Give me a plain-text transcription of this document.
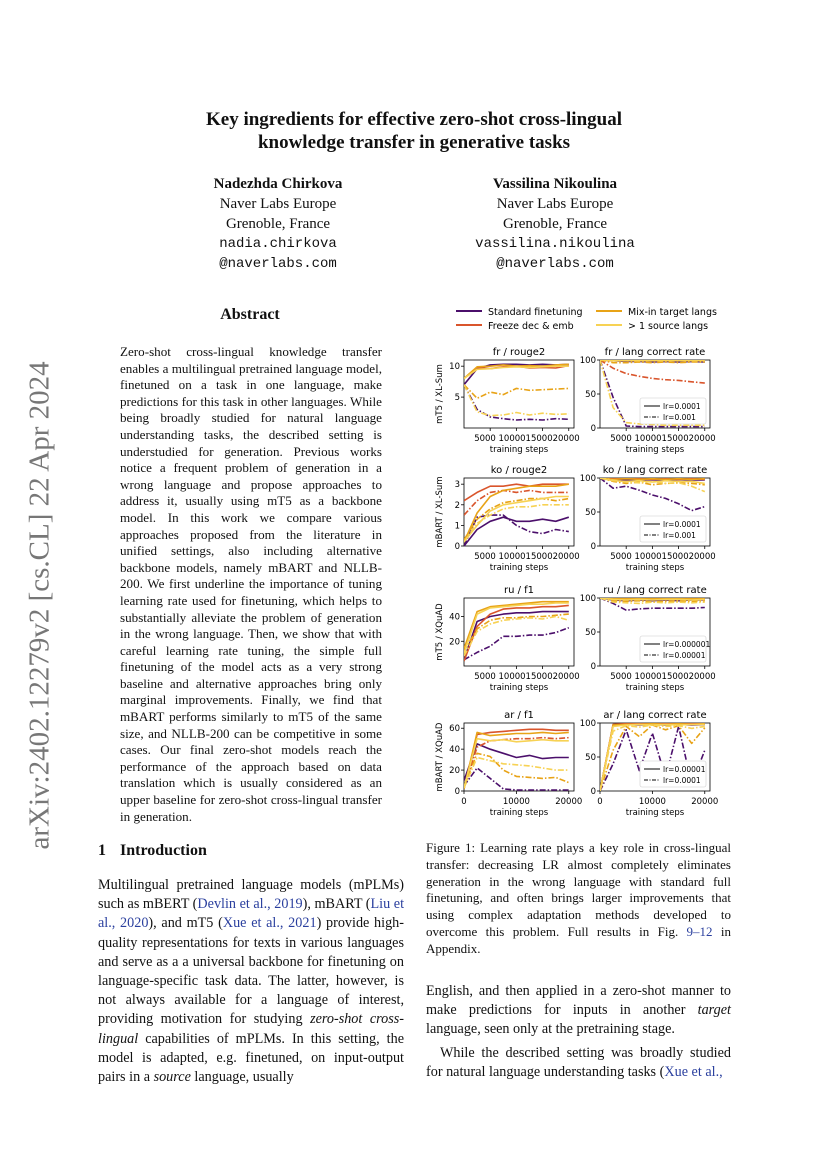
Key ingredients for effective zero-shot cross-lingual
knowledge transfer in generative tasks
Nadezhda Chirkova
Naver Labs Europe
Grenoble, France
nadia.chirkova
@naverlabs.com
Vassilina Nikoulina
Naver Labs Europe
Grenoble, France
vassilina.nikoulina
@naverlabs.com
arXiv:2402.12279v2 [cs.CL] 22 Apr 2024
Abstract
Zero-shot cross-lingual knowledge transfer enables a multilingual pretrained language model, finetuned on a task in one language, make predictions for this task in other languages. While being broadly studied for natural language understanding tasks, the described setting is understudied for generation. Previous works notice a frequent problem of generation in a wrong language and propose approaches to address it, usually using mT5 as a backbone model. In this work we compare various approaches proposed from the literature in unified settings, also including alternative backbone models, namely mBART and NLLB-200. We first underline the importance of tuning learning rate used for finetuning, which helps to substantially alleviate the problem of generation in the wrong language. Then, we show that with careful learning rate tuning, the simple full finetuning of the model acts as a very strong baseline and alternative approaches bring only marginal improvements. Finally, we find that mBART performs similarly to mT5 of the same size, and NLLB-200 can be competitive in some cases. Our final zero-shot models reach the performance of the approach based on data translation which is usually considered as an upper baseline for zero-shot cross-lingual transfer in generation.
1 Introduction
Multilingual pretrained language models (mPLMs) such as mBERT (Devlin et al., 2019), mBART (Liu et al., 2020), and mT5 (Xue et al., 2021) provide high-quality representations for texts in various languages and serve as a a universal backbone for finetuning on language-specific task data. The latter, however, is not always available for a language of interest, providing motivation for studying zero-shot cross-lingual capabilities of mPLMs. In this setting, the model is adapted, e.g. finetuned, on input-output pairs in a source language, usually
Standard finetuning	Mix-in target langs
Freeze dec & emb	> 1 source langs
fr / rouge2
5
10
5000 100001500020000
training steps
mT5 / XL-Sum
fr / lang correct rate
0
50
100
5000 100001500020000
training steps
lr=0.0001
lr=0.001
ko / rouge2
0
1
2
3
5000 100001500020000
training steps
mBART / XL-Sum
ko / lang correct rate
0
50
100
5000 100001500020000
training steps
lr=0.0001
lr=0.001
ru / f1
20
40
5000 100001500020000
training steps
mT5 / XQuAD
ru / lang correct rate
0
50
100
5000 100001500020000
training steps
lr=0.000001
lr=0.00001
ar / f1
0
20
40
60
0	10000	20000
training steps
mBART / XQuAD
ar / lang correct rate
0
50
100
0	10000	20000
training steps
lr=0.00001
lr=0.0001
Figure 1: Learning rate plays a key role in cross-lingual transfer: decreasing LR almost completely eliminates generation in the wrong language with standard full finetuning, and often brings larger improvements that using complex adaptation methods developed to overcome this problem. Full results in Fig. 9–12 in Appendix.

English, and then applied in a zero-shot manner to make predictions for inputs in another target language, seen only at the pretraining stage.

While the described setting was broadly studied for natural language understanding tasks (Xue et al.,
